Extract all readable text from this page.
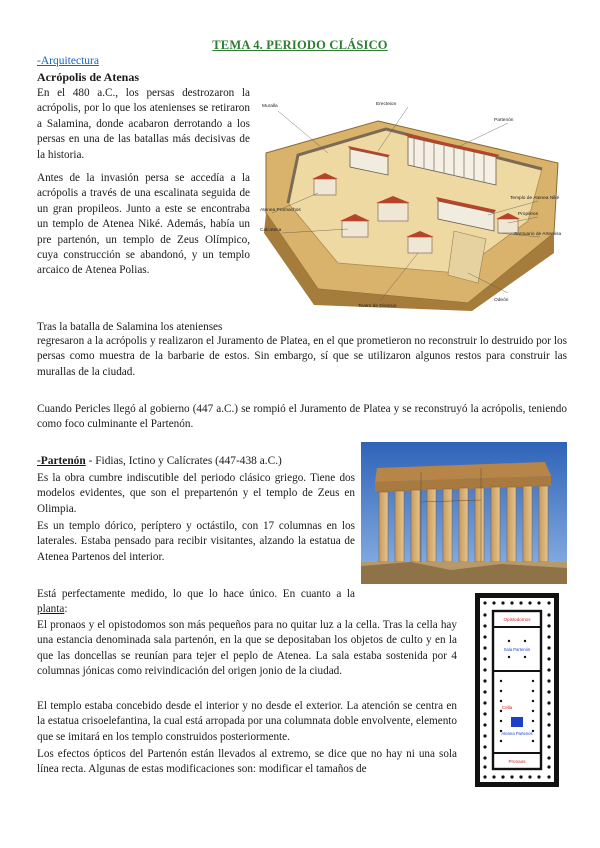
TEMA 4. PERIODO CLÁSICO
-Arquitectura
Acrópolis de Atenas

En el 480 a.C., los persas destrozaron la acrópolis, por lo que los atenienses se retiraron a Salamina, donde acabaron derrotando a los persas en una de las batallas más decisivas de la historia.

Antes de la invasión persa se accedía a la acrópolis a través de una escalinata seguida de un gran propileos. Junto a este se encontraba un templo de Atenea Niké. Además, había un pre partenón, un templo de Zeus Olímpico, cuya construcción se abandonó, y un templo arcaico de Atenea Polias.

Tras la batalla de Salamina los atenienses

regresaron a la acrópolis y realizaron el Juramento de Platea, en el que prometieron no reconstruir lo destruido por los persas como muestra de la barbarie de estos. Sin embargo, sí que se utilizaron algunos restos para construir las murallas de la ciudad.

Cuando Pericles llegó al gobierno (447 a.C.) se rompió el Juramento de Platea y se reconstruyó la acrópolis, teniendo como foco culminante el Partenón.

Muralla	Erecteion
Partenón
Templo de Atenea Niké
Propileos
Santuario de Artemisa
Atenea Promachos
Calcoteca
Teatro de Dionisio
Odeón
-Partenón - Fidias, Ictino y Calícrates (447-438 a.C.)

Es la obra cumbre indiscutible del periodo clásico griego. Tiene dos modelos evidentes, que son el prepartenón y el templo de Zeus en Olimpia.

Es un templo dórico, períptero y octástilo, con 17 columnas en los laterales. Estaba pensado para recibir visitantes, alzando la estatua de Atenea Partenos del interior.

Está perfectamente medido, lo que lo hace único. En cuanto a la planta:

El pronaos y el opistodomos son más pequeños para no quitar luz a la cella. Tras la cella hay una estancia denominada sala partenón, en la que se depositaban los objetos de culto y en la que las doncellas se reunían para tejer el peplo de Atenea. La sala estaba sostenida por 4 columnas jónicas como reivindicación del origen jonio de la ciudad.

El templo estaba concebido desde el interior y no desde el exterior. La atención se centra en la estatua crisoelefantina, la cual está arropada por una columnata doble envolvente, elemento que se imitará en los templo construidos posteriormente.

Los efectos ópticos del Partenón están llevados al extremo, se dice que no hay ni una sola línea recta. Algunas de estas modificaciones son: modificar el tamaños de

Opistodomos
Pronaos
Cella
Sala Partenón
Atenea Partenos
